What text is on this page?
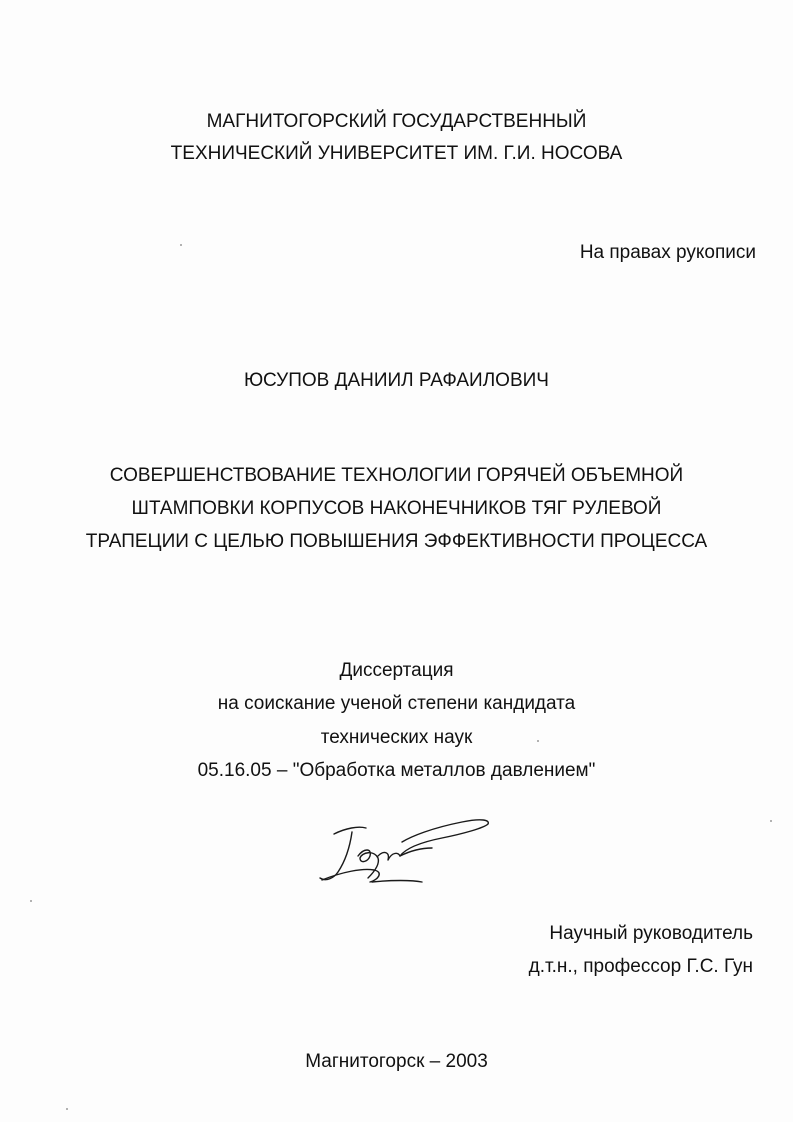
МАГНИТОГОРСКИЙ ГОСУДАРСТВЕННЫЙ
ТЕХНИЧЕСКИЙ УНИВЕРСИТЕТ ИМ. Г.И. НОСОВА
На правах рукописи
ЮСУПОВ ДАНИИЛ РАФАИЛОВИЧ
СОВЕРШЕНСТВОВАНИЕ ТЕХНОЛОГИИ ГОРЯЧЕЙ ОБЪЕМНОЙ
ШТАМПОВКИ КОРПУСОВ НАКОНЕЧНИКОВ ТЯГ РУЛЕВОЙ
ТРАПЕЦИИ С ЦЕЛЬЮ ПОВЫШЕНИЯ ЭФФЕКТИВНОСТИ ПРОЦЕССА
Диссертация
на соискание ученой степени кандидата
технических наук
05.16.05 – "Обработка металлов давлением"
Научный руководитель
д.т.н., профессор Г.С. Гун
Магнитогорск – 2003
